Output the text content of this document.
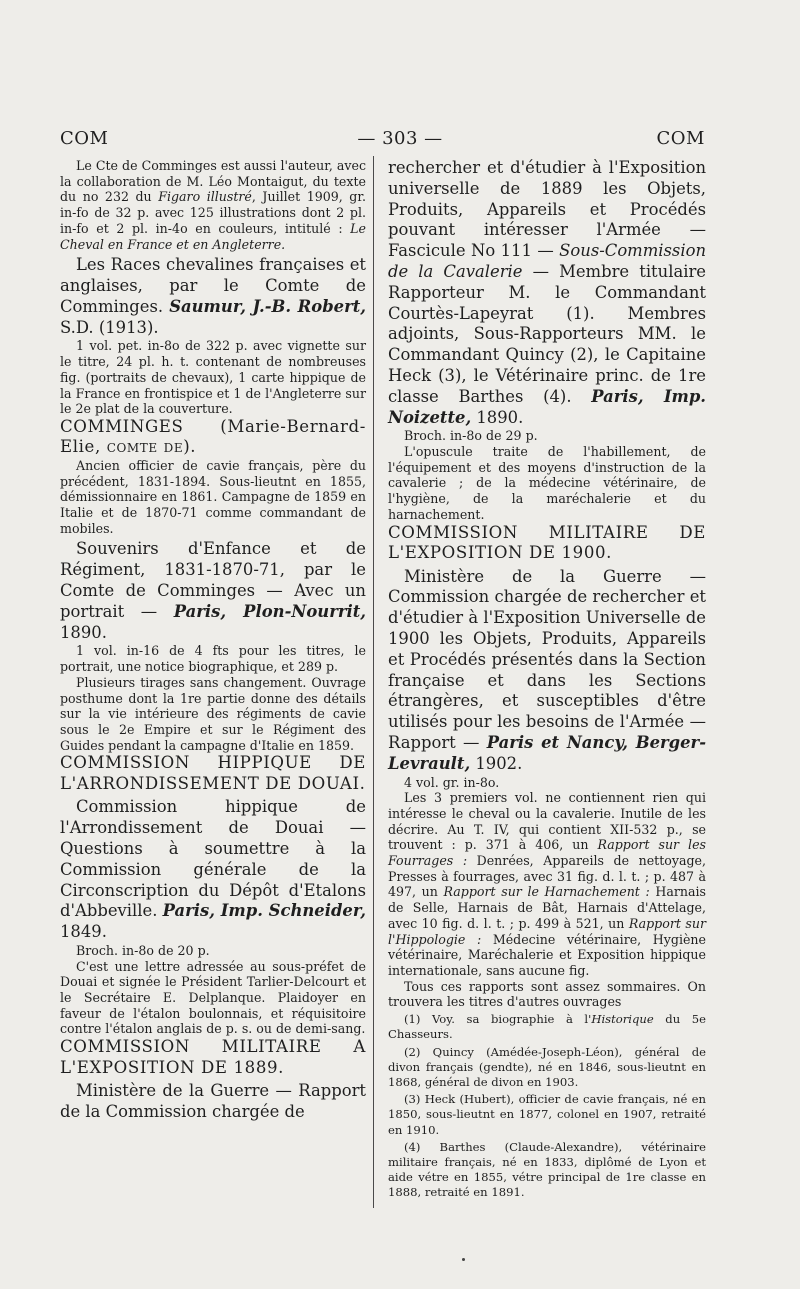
COM	— 303 —	COM

Le Cte de Comminges est aussi l'auteur, avec la collaboration de M. Léo Montaigut, du texte du no 232 du Figaro illustré, Juillet 1909, gr. in-fo de 32 p. avec 125 illustrations dont 2 pl. in-fo et 2 pl. in-4o en couleurs, intitulé : Le Cheval en France et en Angleterre.

Les Races chevalines françaises et anglaises, par le Comte de Comminges. Saumur, J.-B. Robert, S.D. (1913).

1 vol. pet. in-8o de 322 p. avec vignette sur le titre, 24 pl. h. t. contenant de nombreuses fig. (portraits de chevaux), 1 carte hippique de la France en frontispice et 1 de l'Angleterre sur le 2e plat de la couverture.

COMMINGES (Marie-Bernard-Elie, comte de).

Ancien officier de cavie français, père du précédent, 1831-1894. Sous-lieutnt en 1855, démissionnaire en 1861. Campagne de 1859 en Italie et de 1870-71 comme commandant de mobiles.

Souvenirs d'Enfance et de Régiment, 1831-1870-71, par le Comte de Comminges — Avec un portrait — Paris, Plon-Nourrit, 1890.

1 vol. in-16 de 4 fts pour les titres, le portrait, une notice biographique, et 289 p.

Plusieurs tirages sans changement. Ouvrage posthume dont la 1re partie donne des détails sur la vie intérieure des régiments de cavie sous le 2e Empire et sur le Régiment des Guides pendant la campagne d'Italie en 1859.

COMMISSION HIPPIQUE DE L'ARRONDISSEMENT DE DOUAI.

Commission hippique de l'Arrondissement de Douai — Questions à soumettre à la Commission générale de la Circonscription du Dépôt d'Etalons d'Abbeville. Paris, Imp. Schneider, 1849.

Broch. in-8o de 20 p.

C'est une lettre adressée au sous-préfet de Douai et signée le Président Tarlier-Delcourt et le Secrétaire E. Delplanque. Plaidoyer en faveur de l'étalon boulonnais, et réquisitoire contre l'étalon anglais de p. s. ou de demi-sang.

COMMISSION MILITAIRE A L'EXPOSITION DE 1889.

Ministère de la Guerre — Rapport de la Commission chargée de

rechercher et d'étudier à l'Exposition universelle de 1889 les Objets, Produits, Appareils et Procédés pouvant intéresser l'Armée — Fascicule No 111 — Sous-Commission de la Cavalerie — Membre titulaire Rapporteur M. le Commandant Courtès-Lapeyrat (1). Membres adjoints, Sous-Rapporteurs MM. le Commandant Quincy (2), le Capitaine Heck (3), le Vétérinaire princ. de 1re classe Barthes (4). Paris, Imp. Noizette, 1890.

Broch. in-8o de 29 p.

L'opuscule traite de l'habillement, de l'équipement et des moyens d'instruction de la cavalerie ; de la médecine vétérinaire, de l'hygiène, de la maréchalerie et du harnachement.

COMMISSION MILITAIRE DE L'EXPOSITION DE 1900.

Ministère de la Guerre — Commission chargée de rechercher et d'étudier à l'Exposition Universelle de 1900 les Objets, Produits, Appareils et Procédés présentés dans la Section française et dans les Sections étrangères, et susceptibles d'être utilisés pour les besoins de l'Armée — Rapport — Paris et Nancy, Berger-Levrault, 1902.

4 vol. gr. in-8o.

Les 3 premiers vol. ne contiennent rien qui intéresse le cheval ou la cavalerie. Inutile de les décrire. Au T. IV, qui contient XII-532 p., se trouvent : p. 371 à 406, un Rapport sur les Fourrages : Denrées, Appareils de nettoyage, Presses à fourrages, avec 31 fig. d. l. t. ; p. 487 à 497, un Rapport sur le Harnachement : Harnais de Selle, Harnais de Bât, Harnais d'Attelage, avec 10 fig. d. l. t. ; p. 499 à 521, un Rapport sur l'Hippologie : Médecine vétérinaire, Hygiène vétérinaire, Maréchalerie et Exposition hippique internationale, sans aucune fig.

Tous ces rapports sont assez sommaires. On trouvera les titres d'autres ouvrages

(1) Voy. sa biographie à l'Historique du 5e Chasseurs.

(2) Quincy (Amédée-Joseph-Léon), général de divon français (gendte), né en 1846, sous-lieutnt en 1868, général de divon en 1903.

(3) Heck (Hubert), officier de cavie français, né en 1850, sous-lieutnt en 1877, colonel en 1907, retraité en 1910.

(4) Barthes (Claude-Alexandre), vétérinaire militaire français, né en 1833, diplômé de Lyon et aide vétre en 1855, vétre principal de 1re classe en 1888, retraité en 1891.
